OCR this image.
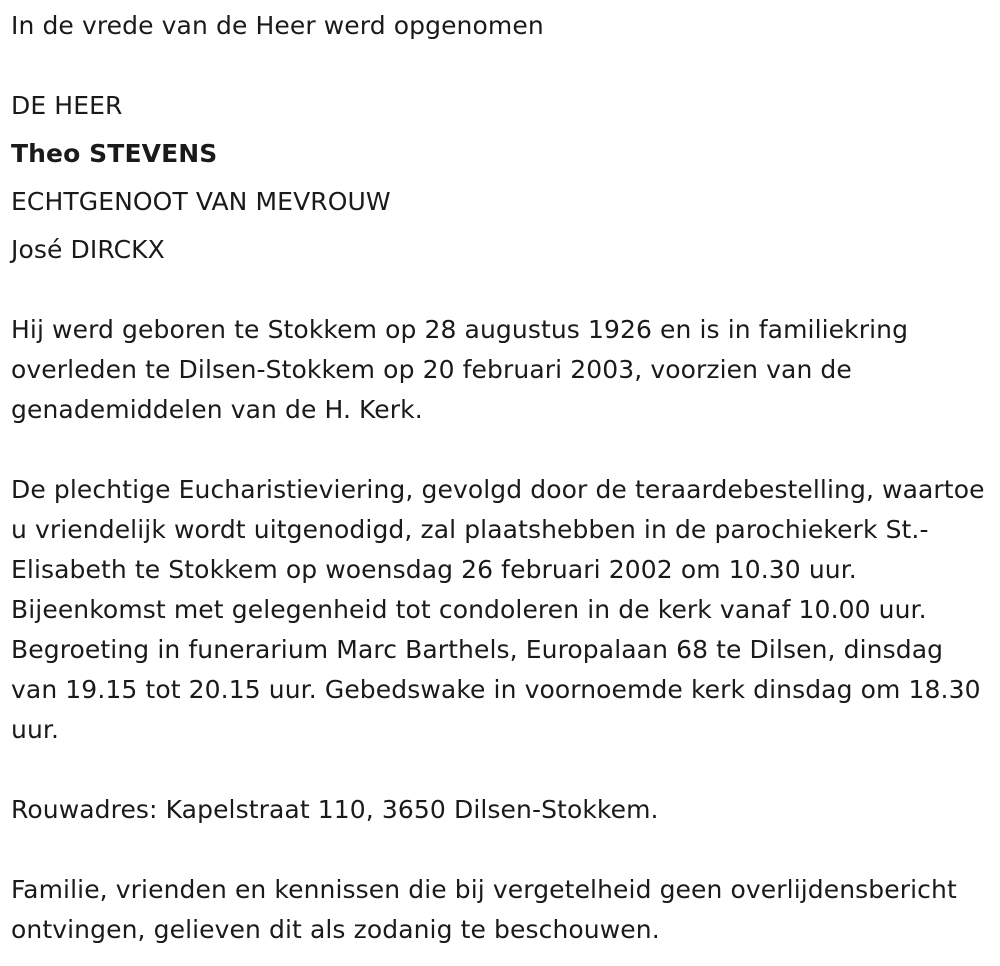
In de vrede van de Heer werd opgenomen
DE HEER
Theo STEVENS
ECHTGENOOT VAN MEVROUW
José DIRCKX

Hij werd geboren te Stokkem op 28 augustus 1926 en is in familiekring overleden te Dilsen-Stokkem op 20 februari 2003, voorzien van de genademiddelen van de H. Kerk.

De plechtige Eucharistieviering, gevolgd door de teraardebestelling, waartoe u vriendelijk wordt uitgenodigd, zal plaatshebben in de parochiekerk St.-Elisabeth te Stokkem op woensdag 26 februari 2002 om 10.30 uur. Bijeenkomst met gelegenheid tot condoleren in de kerk vanaf 10.00 uur. Begroeting in funerarium Marc Barthels, Europalaan 68 te Dilsen, dinsdag van 19.15 tot 20.15 uur. Gebedswake in voornoemde kerk dinsdag om 18.30 uur.

Rouwadres: Kapelstraat 110, 3650 Dilsen-Stokkem.

Familie, vrienden en kennissen die bij vergetelheid geen overlijdensbericht ontvingen, gelieven dit als zodanig te beschouwen.
